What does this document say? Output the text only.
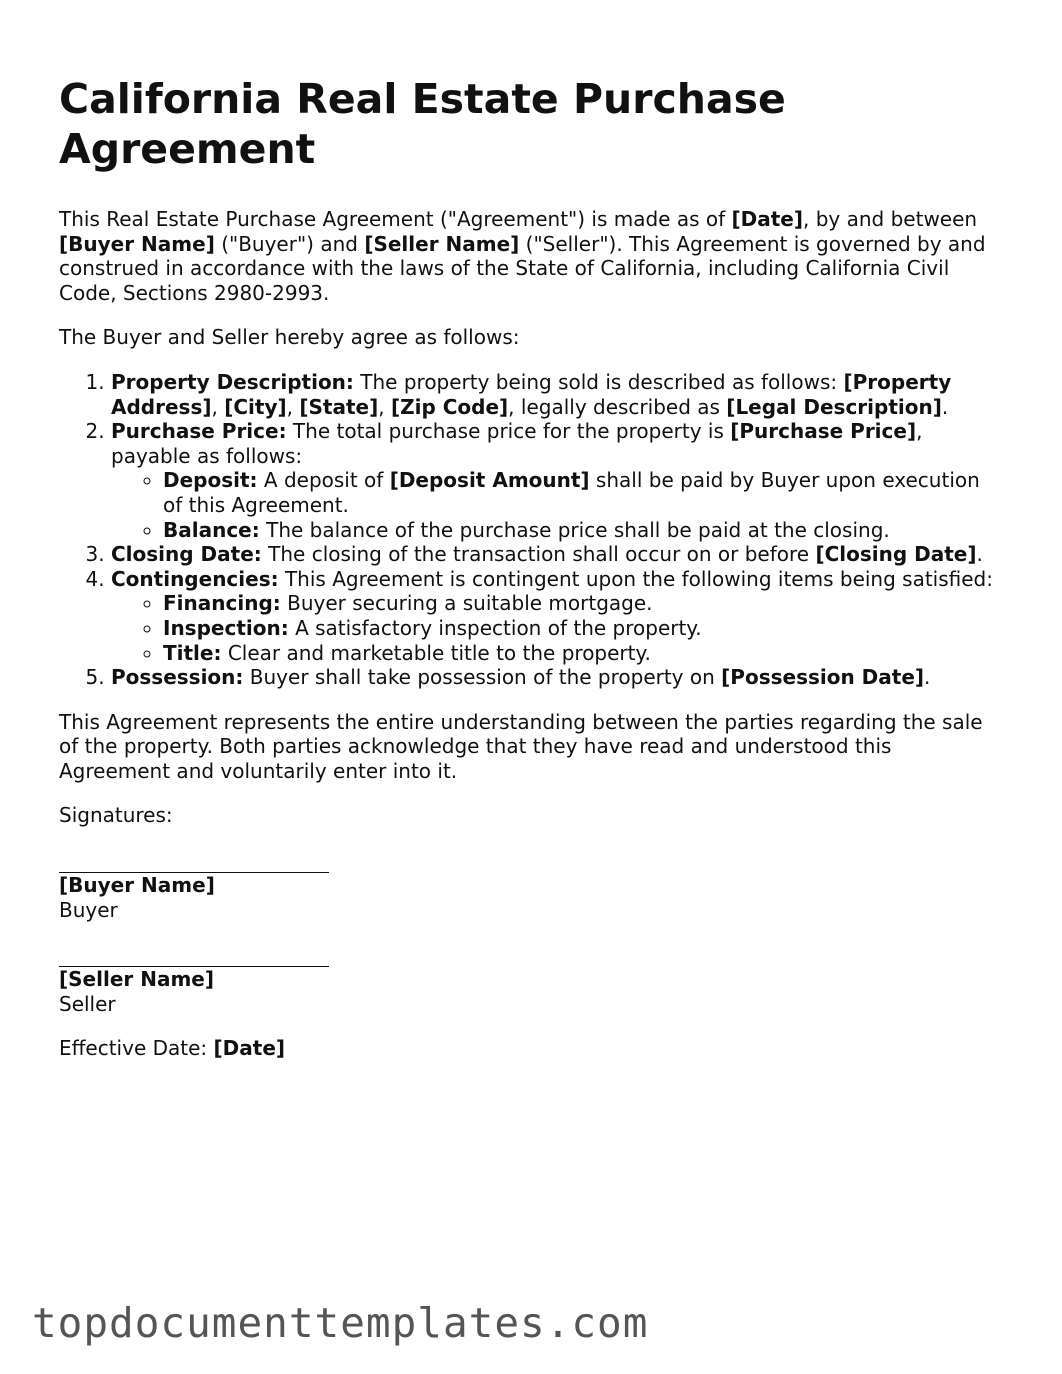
California Real Estate Purchase Agreement

This Real Estate Purchase Agreement ("Agreement") is made as of [Date], by and between [Buyer Name] ("Buyer") and [Seller Name] ("Seller"). This Agreement is governed by and construed in accordance with the laws of the State of California, including California Civil Code, Sections 2980-2993.

The Buyer and Seller hereby agree as follows:

1. Property Description: The property being sold is described as follows: [Property Address], [City], [State], [Zip Code], legally described as [Legal Description].
2. Purchase Price: The total purchase price for the property is [Purchase Price], payable as follows:
◦ Deposit: A deposit of [Deposit Amount] shall be paid by Buyer upon execution of this Agreement.
◦ Balance: The balance of the purchase price shall be paid at the closing.
3. Closing Date: The closing of the transaction shall occur on or before [Closing Date].
4. Contingencies: This Agreement is contingent upon the following items being satisfied:
◦ Financing: Buyer securing a suitable mortgage.
◦ Inspection: A satisfactory inspection of the property.
◦ Title: Clear and marketable title to the property.
5. Possession: Buyer shall take possession of the property on [Possession Date].

This Agreement represents the entire understanding between the parties regarding the sale of the property. Both parties acknowledge that they have read and understood this Agreement and voluntarily enter into it.

Signatures:

[Buyer Name]
Buyer
[Seller Name]
Seller

Effective Date: [Date]

topdocumenttemplates.com
